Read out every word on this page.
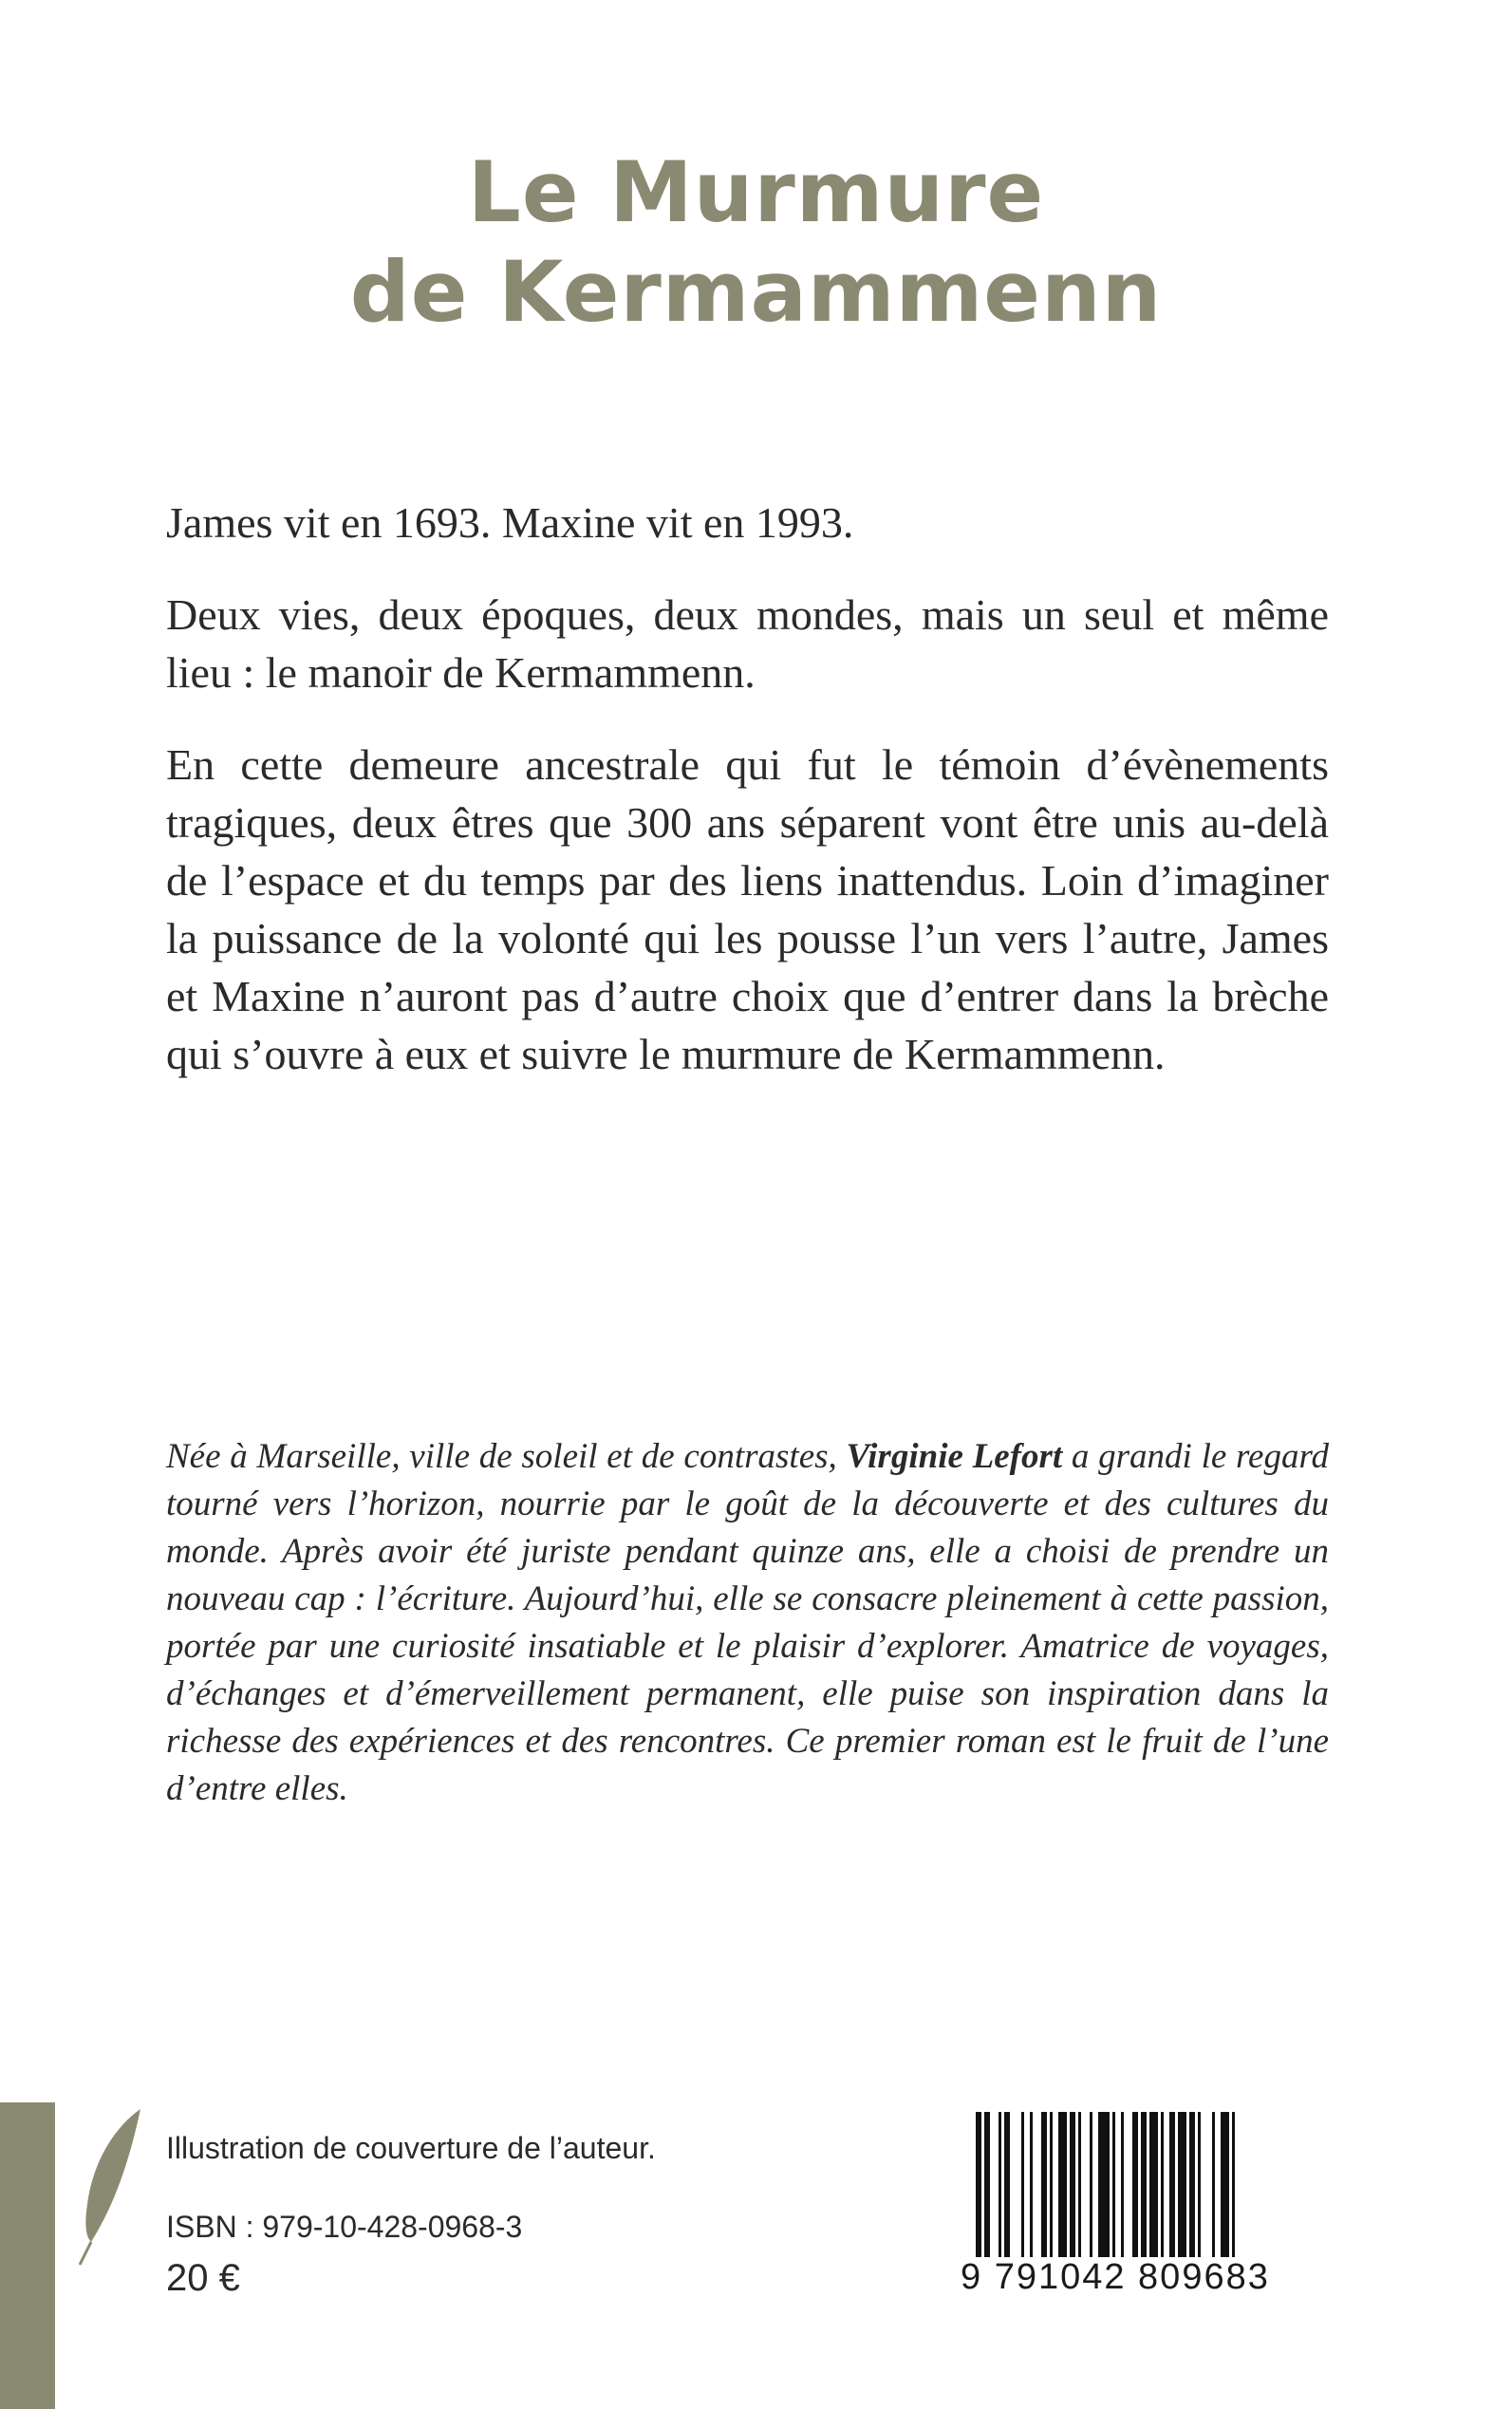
Le Murmure
de Kermammenn

James vit en 1693. Maxine vit en 1993.

Deux vies, deux époques, deux mondes, mais un seul et même lieu : le manoir de Kermammenn.

En cette demeure ancestrale qui fut le témoin d’évènements tragiques, deux êtres que 300 ans séparent vont être unis au-delà de l’espace et du temps par des liens inattendus. Loin d’imaginer la puissance de la volonté qui les pousse l’un vers l’autre, James et Maxine n’auront pas d’autre choix que d’entrer dans la brèche qui s’ouvre à eux et suivre le murmure de Kermammenn.

Née à Marseille, ville de soleil et de contrastes, Virginie Lefort a grandi le regard tourné vers l’horizon, nourrie par le goût de la découverte et des cultures du monde. Après avoir été juriste pendant quinze ans, elle a choisi de prendre un nouveau cap : l’écriture. Aujourd’hui, elle se consacre pleinement à cette passion, portée par une curiosité insatiable et le plaisir d’explorer. Amatrice de voyages, d’échanges et d’émerveillement permanent, elle puise son inspiration dans la richesse des expériences et des rencontres. Ce premier roman est le fruit de l’une d’entre elles.

Illustration de couverture de l’auteur.
ISBN : 979-10-428-0968-3
20 €	9 791042 809683
